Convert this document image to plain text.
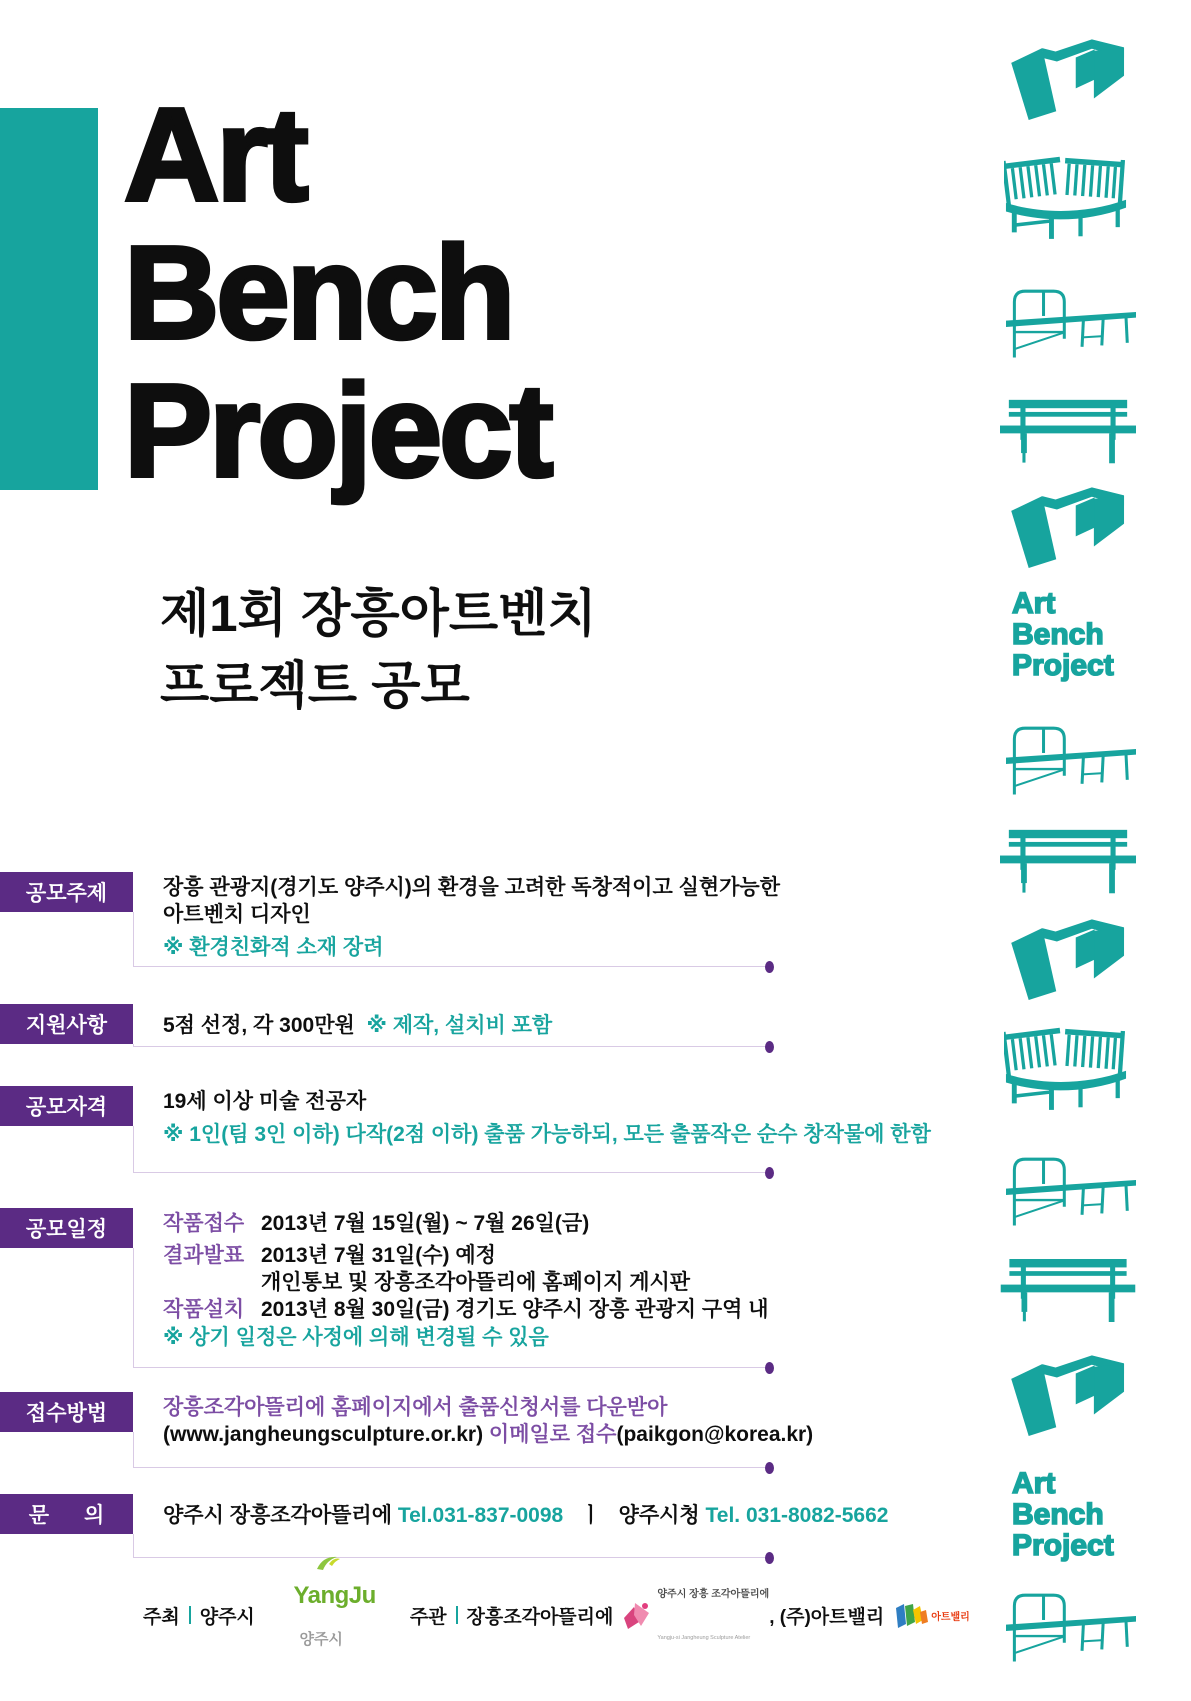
Art
Bench
Project
제1회 장흥아트벤치
프로젝트 공모
공모주제	장흥 관광지(경기도 양주시)의 환경을 고려한 독창적이고 실현가능한
아트벤치 디자인
※ 환경친화적 소재 장려
지원사항	5점 선정, 각 300만원  ※ 제작, 설치비 포함
공모자격	19세 이상 미술 전공자
※ 1인(팀 3인 이하) 다작(2점 이하) 출품 가능하되, 모든 출품작은 순수 창작물에 한함
공모일정	작품접수 2013년 7월 15일(월) ~ 7월 26일(금)
결과발표 2013년 7월 31일(수) 예정
개인통보 및 장흥조각아뜰리에 홈페이지 게시판
작품설치 2013년 8월 30일(금) 경기도 양주시 장흥 관광지 구역 내
※ 상기 일정은 사정에 의해 변경될 수 있음
접수방법	장흥조각아뜰리에 홈페이지에서 출품신청서를 다운받아
(www.jangheungsculpture.or.kr) 이메일로 접수(paikgon@korea.kr)
문      의	양주시 장흥조각아뜰리에 Tel.031-837-0098   ㅣ   양주시청 Tel. 031-8082-5662
주최 양주시

YangJu

양주시

주관 장흥조각아뜰리에

양주시 장흥 조각아뜰리에

Yangju-si Jangheung Sculpture Atelier

, (주)아트밸리	아트밸리
Art
Bench
Project
Art
Bench
Project
